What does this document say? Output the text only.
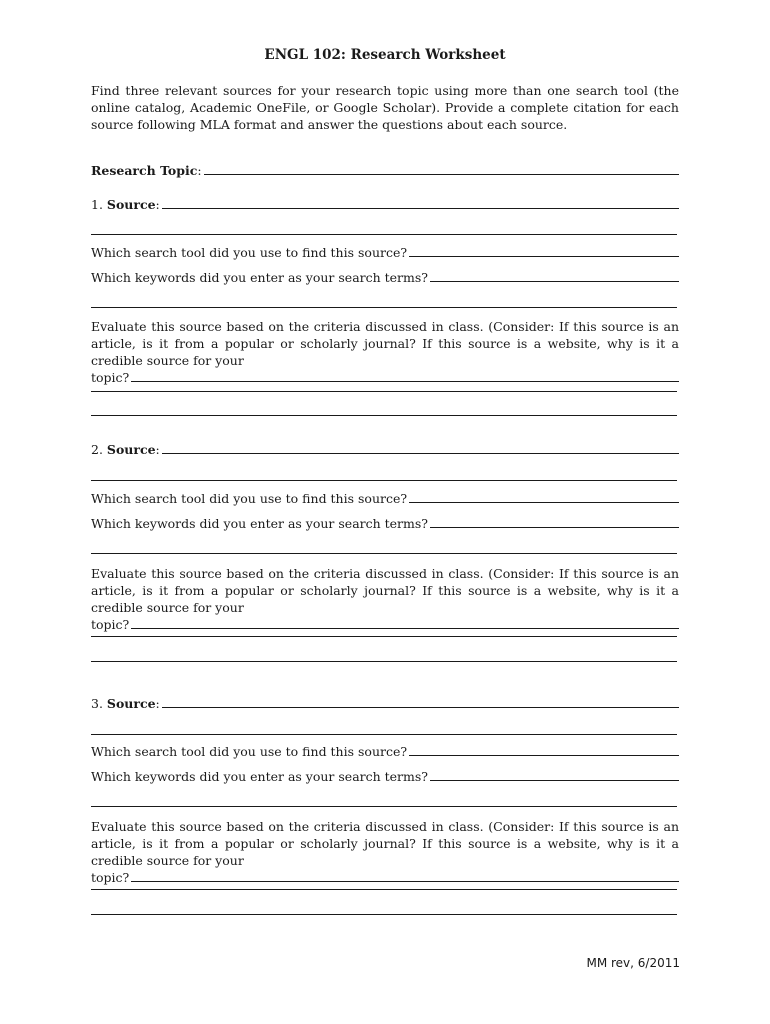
ENGL 102: Research Worksheet
Find three relevant sources for your research topic using more than one search tool (the online catalog, Academic OneFile, or Google Scholar). Provide a complete citation for each source following MLA format and answer the questions about each source.
Research Topic :
1.
Source :
Which search tool did you use to find this source?
Which keywords did you enter as your search terms?
Evaluate this source based on the criteria discussed in class. (Consider: If this source is an article, is it from a popular or scholarly journal? If this source is a website, why is it a credible source for your
topic?
2.
Source :
Which search tool did you use to find this source?
Which keywords did you enter as your search terms?
Evaluate this source based on the criteria discussed in class. (Consider: If this source is an article, is it from a popular or scholarly journal? If this source is a website, why is it a credible source for your
topic?
3.
Source :
Which search tool did you use to find this source?
Which keywords did you enter as your search terms?
Evaluate this source based on the criteria discussed in class. (Consider: If this source is an article, is it from a popular or scholarly journal? If this source is a website, why is it a credible source for your
topic?
MM rev, 6/2011
